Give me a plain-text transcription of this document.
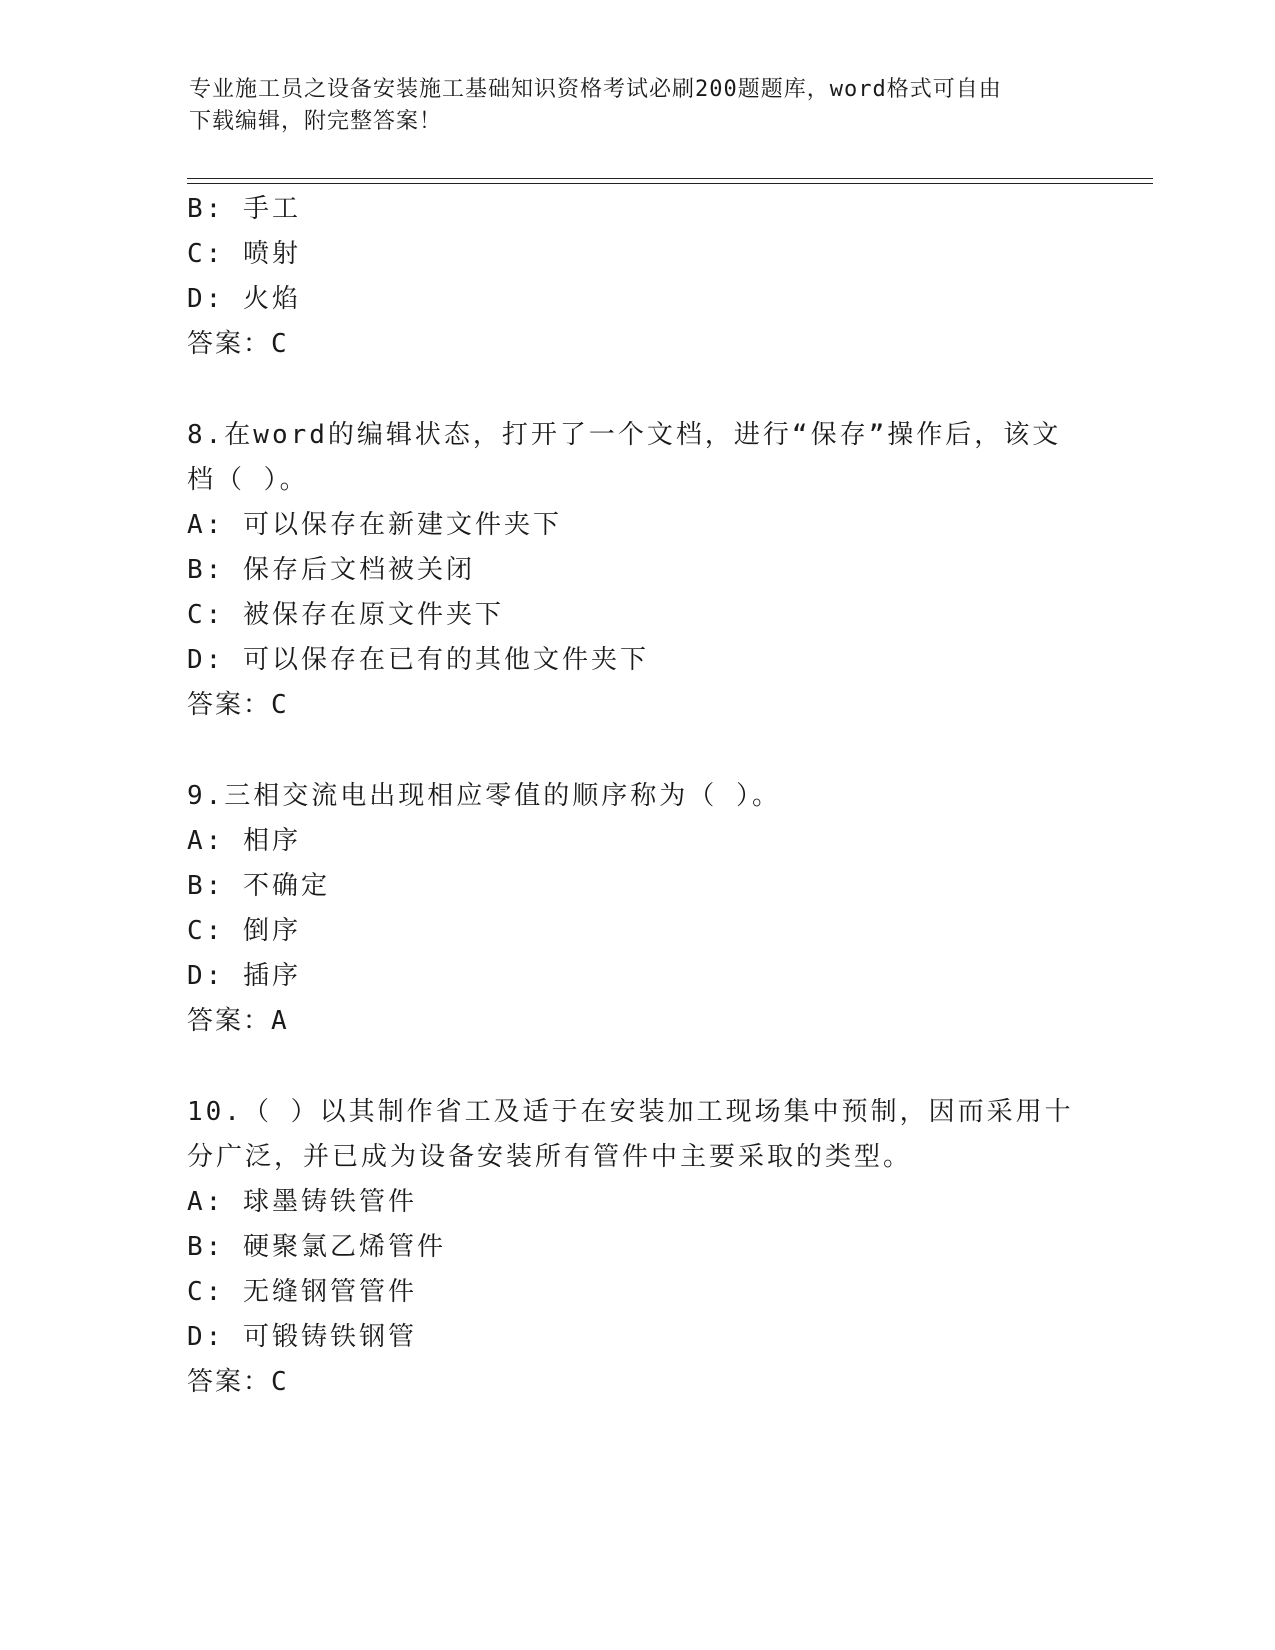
专业施工员之设备安装施工基础知识资格考试必刷200题题库，word格式可自由
下载编辑，附完整答案！

B: 手工

C: 喷射

D: 火焰

答案：C

8.在word的编辑状态，打开了一个文档，进行“保存”操作后，该文

档（ ）。

A: 可以保存在新建文件夹下

B: 保存后文档被关闭

C: 被保存在原文件夹下

D: 可以保存在已有的其他文件夹下

答案：C

9.三相交流电出现相应零值的顺序称为（ ）。

A: 相序

B: 不确定

C: 倒序

D: 插序

答案：A

10.（ ）以其制作省工及适于在安装加工现场集中预制，因而采用十

分广泛，并已成为设备安装所有管件中主要采取的类型。

A: 球墨铸铁管件

B: 硬聚氯乙烯管件

C: 无缝钢管管件

D: 可锻铸铁钢管

答案：C
